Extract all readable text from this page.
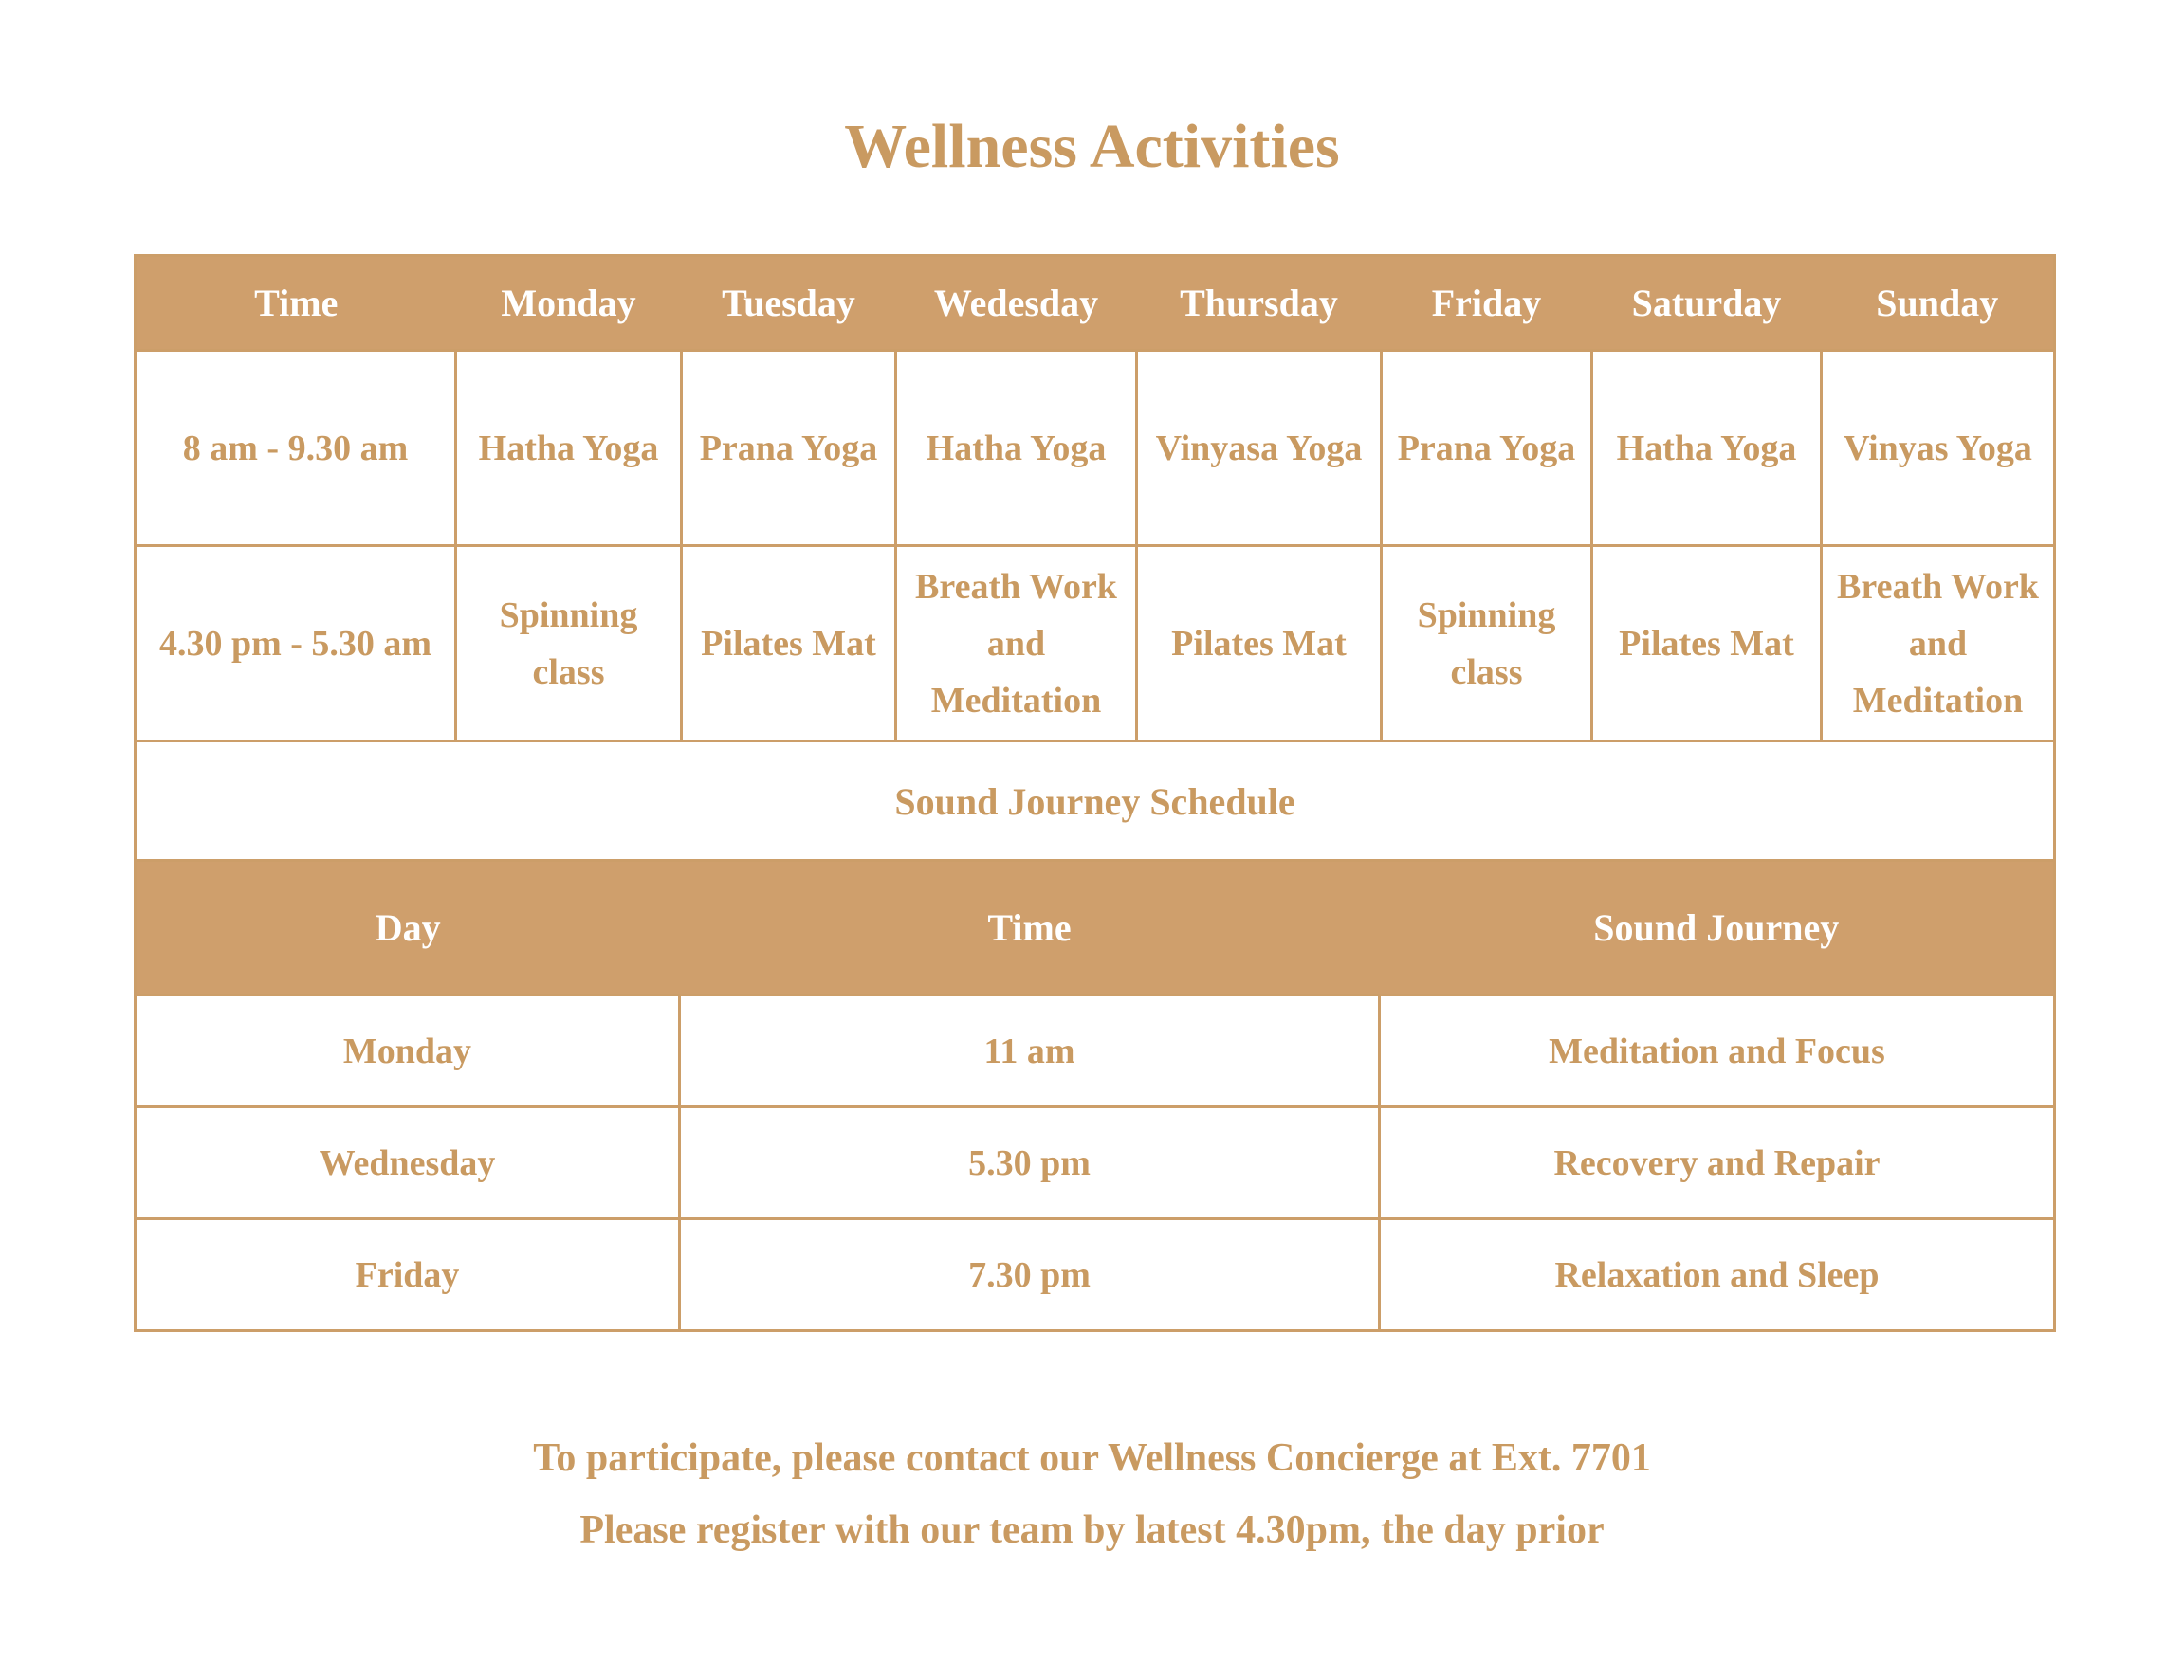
Wellness Activities
Time	Monday	Tuesday	Wedesday	Thursday	Friday	Saturday	Sunday
8 am - 9.30 am	Hatha Yoga	Prana Yoga	Hatha Yoga	Vinyasa Yoga	Prana Yoga	Hatha Yoga	Vinyas Yoga
4.30 pm - 5.30 am	Spinning class	Pilates Mat	Breath Work and Meditation	Pilates Mat	Spinning class	Pilates Mat	Breath Work and Meditation
Sound Journey Schedule							
Day	Time	Sound Journey
Monday	11 am	Meditation and Focus
Wednesday	5.30 pm	Recovery and Repair
Friday	7.30 pm	Relaxation and Sleep
To participate, please contact our Wellness Concierge at Ext. 7701
Please register with our team by latest 4.30pm, the day prior
